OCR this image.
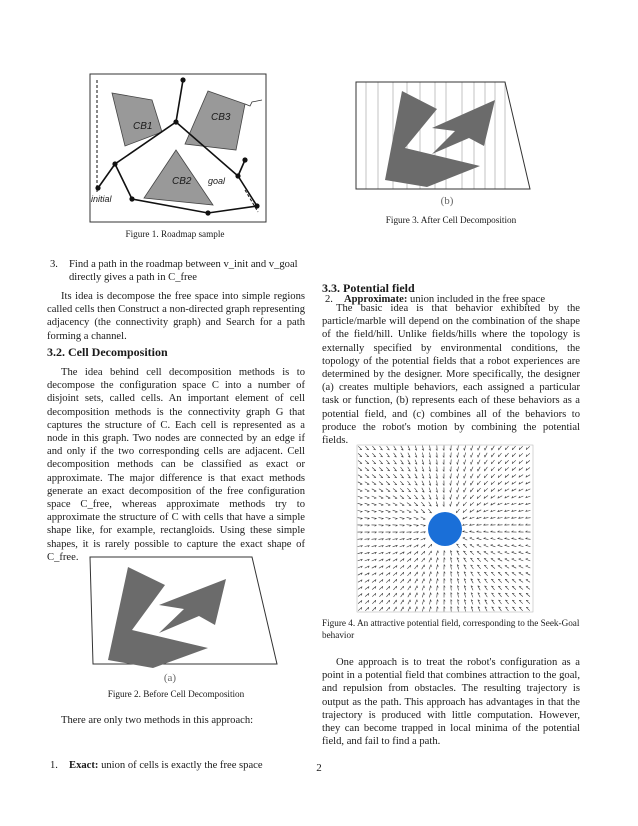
CB1
CB3
CB2 goal
initial
Figure 1. Roadmap sample
3. Find a path in the roadmap between v_init and v_goal directly gives a path in C_free
Its idea is decompose the free space into simple regions called cells then Construct a non-directed graph representing adjacency (the connectivity graph) and Search for a path forming a channel.
3.2. Cell Decomposition
The idea behind cell decomposition methods is to decompose the configuration space C into a number of disjoint sets, called cells. An important element of cell decomposition methods is the connectivity graph G that captures the structure of C. Each cell is represented as a node in this graph. Two nodes are connected by an edge if and only if the two corresponding cells are adjacent. Cell decomposition methods can be classified as exact or approximate. The major difference is that exact methods generate an exact decomposition of the free configuration space C_free, whereas approximate methods try to approximate the structure of C with cells that have a simple shape like, for example, rectangloids. Using these simple shapes, it is rarely possible to capture the exact shape of C_free.
(a)
Figure 2. Before Cell Decomposition
There are only two methods in this approach:
1. Exact: union of cells is exactly the free space
(b)
Figure 3. After Cell Decomposition
2. Approximate: union included in the free space
3.3. Potential field
The basic idea is that behavior exhibited by the particle/marble will depend on the combination of the shape of the field/hill. Unlike fields/hills where the topology is externally specified by environmental conditions, the topology of the potential fields that a robot experiences are determined by the designer. More specifically, the designer (a) creates multiple behaviors, each assigned a particular task or function, (b) represents each of these behaviors as a potential field, and (c) combines all of the behaviors to produce the robot's motion by combining the potential fields.
Figure 4. An attractive potential field, corresponding to the Seek-Goal behavior
One approach is to treat the robot's configuration as a point in a potential field that combines attraction to the goal, and repulsion from obstacles. The resulting trajectory is output as the path. This approach has advantages in that the trajectory is produced with little computation. However, they can become trapped in local minima of the potential field, and fail to find a path.
2
